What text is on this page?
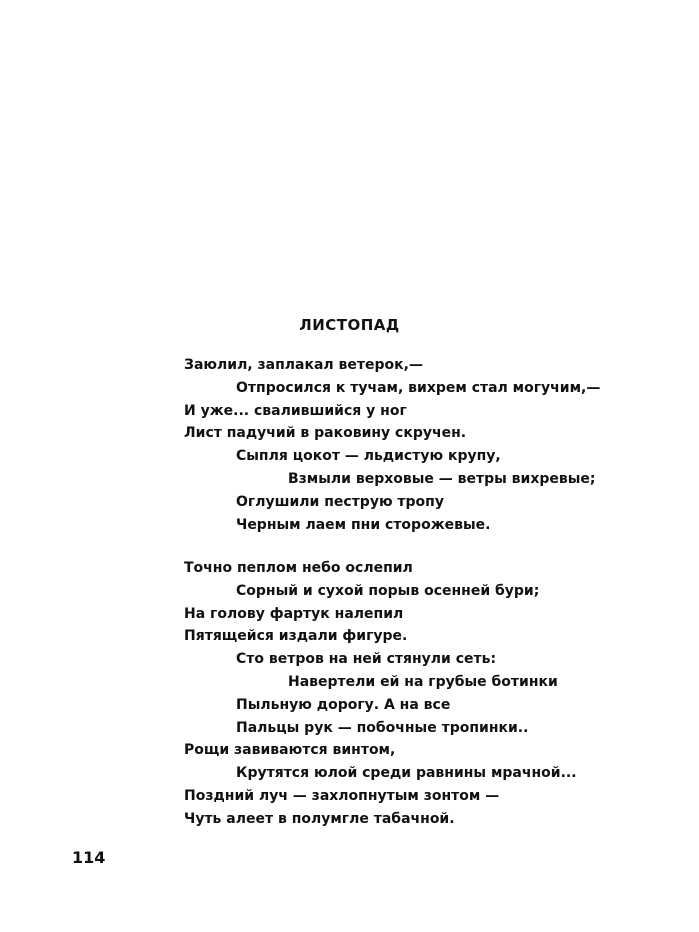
ЛИСТОПАД
Заюлил, заплакал ветерок,—
Отпросился к тучам, вихрем стал могучим,—
И уже... свалившийся у ног
Лист падучий в раковину скручен.
Сыпля цокот — льдистую крупу,
Взмыли верховые — ветры вихревые;
Оглушили пеструю тропу
Черным лаем пни сторожевые.
Точно пеплом небо ослепил
Сорный и сухой порыв осенней бури;
На голову фартук налепил
Пятящейся издали фигуре.
Сто ветров на ней стянули сеть:
Навертели ей на грубые ботинки
Пыльную дорогу. А на все
Пальцы рук — побочные тропинки..
Рощи завиваются винтом,
Крутятся юлой среди равнины мрачной...
Поздний луч — захлопнутым зонтом —
Чуть алеет в полумгле табачной.
114
